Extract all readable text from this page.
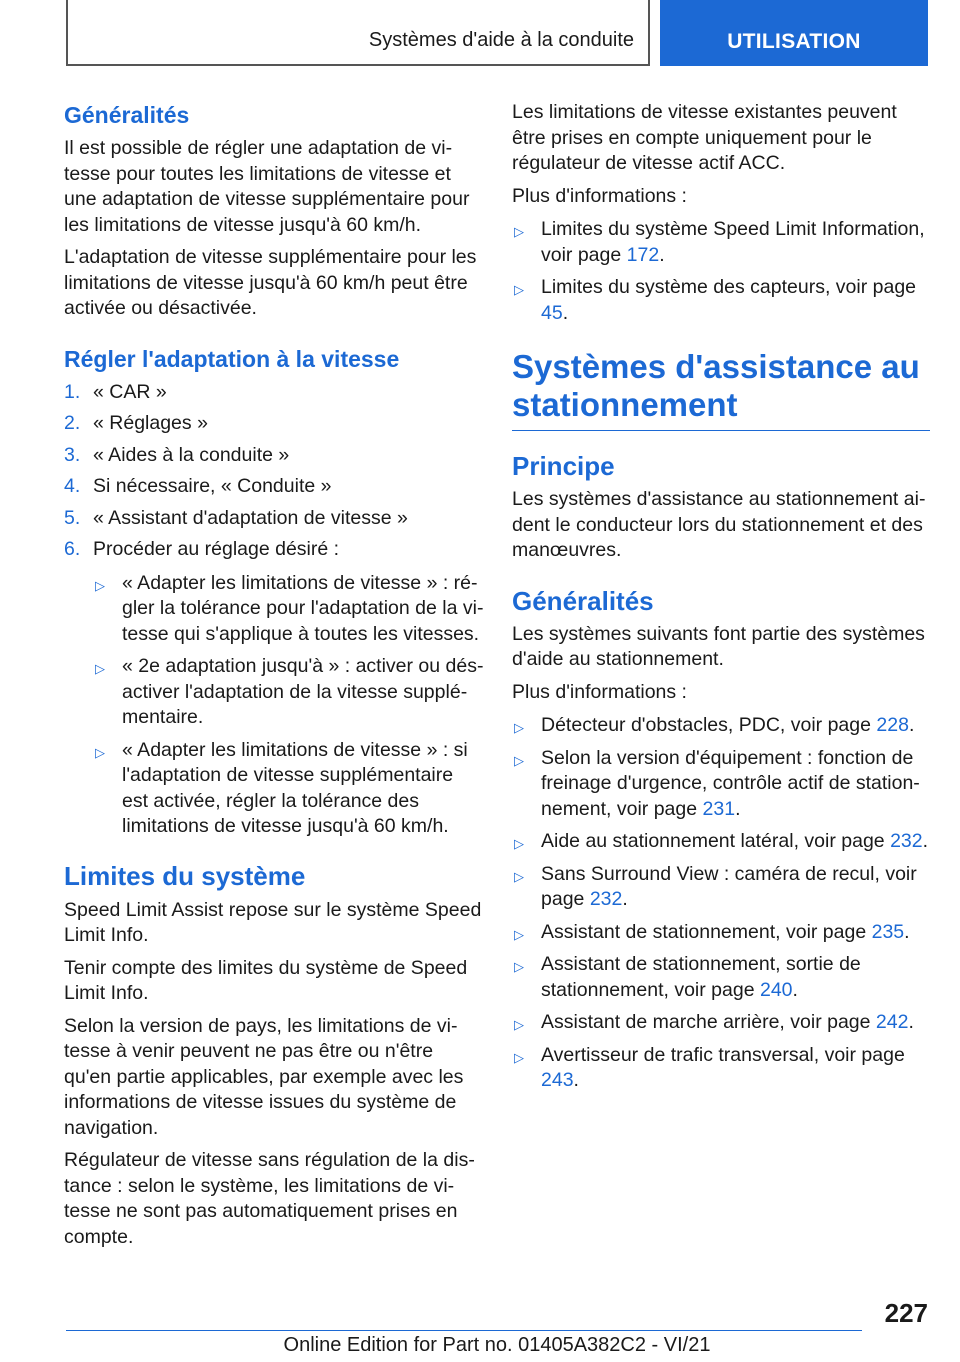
Systèmes d'aide à la conduite	UTILISATION
Généralités

Il est possible de régler une adaptation de vitesse pour toutes les limitations de vitesse et une adaptation de vitesse supplémentaire pour les limitations de vitesse jusqu'à 60 km/h.

L'adaptation de vitesse supplémentaire pour les limitations de vitesse jusqu'à 60 km/h peut être activée ou désactivée.

Régler l'adaptation à la vitesse
1. « CAR »
2. « Réglages »
3. « Aides à la conduite »
4. Si nécessaire, « Conduite »
5. « Assistant d'adaptation de vitesse »
6. Procéder au réglage désiré :
▷ « Adapter les limitations de vitesse » : régler la tolérance pour l'adaptation de la vitesse qui s'applique à toutes les vitesses.
▷ « 2e adaptation jusqu'à » : activer ou désactiver l'adaptation de la vitesse supplémentaire.
▷ « Adapter les limitations de vitesse » : si l'adaptation de vitesse supplémentaire est activée, régler la tolérance des limitations de vitesse jusqu'à 60 km/h.
Limites du système

Speed Limit Assist repose sur le système Speed Limit Info.

Tenir compte des limites du système de Speed Limit Info.

Selon la version de pays, les limitations de vitesse à venir peuvent ne pas être ou n'être qu'en partie applicables, par exemple avec les informations de vitesse issues du système de navigation.

Régulateur de vitesse sans régulation de la distance : selon le système, les limitations de vitesse ne sont pas automatiquement prises en compte.

Les limitations de vitesse existantes peuvent être prises en compte uniquement pour le régulateur de vitesse actif ACC.

Plus d'informations :

▷ Limites du système Speed Limit Information, voir page 172.
▷ Limites du système des capteurs, voir page 45.
Systèmes d'assistance au stationnement
Principe

Les systèmes d'assistance au stationnement aident le conducteur lors du stationnement et des manœuvres.

Généralités

Les systèmes suivants font partie des systèmes d'aide au stationnement.

Plus d'informations :

▷ Détecteur d'obstacles, PDC, voir page 228.
▷ Selon la version d'équipement : fonction de freinage d'urgence, contrôle actif de stationnement, voir page 231.
▷ Aide au stationnement latéral, voir page 232.
▷ Sans Surround View : caméra de recul, voir page 232.
▷ Assistant de stationnement, voir page 235.
▷ Assistant de stationnement, sortie de stationnement, voir page 240.
▷ Assistant de marche arrière, voir page 242.
▷ Avertisseur de trafic transversal, voir page 243.
227
Online Edition for Part no. 01405A382C2 - VI/21
